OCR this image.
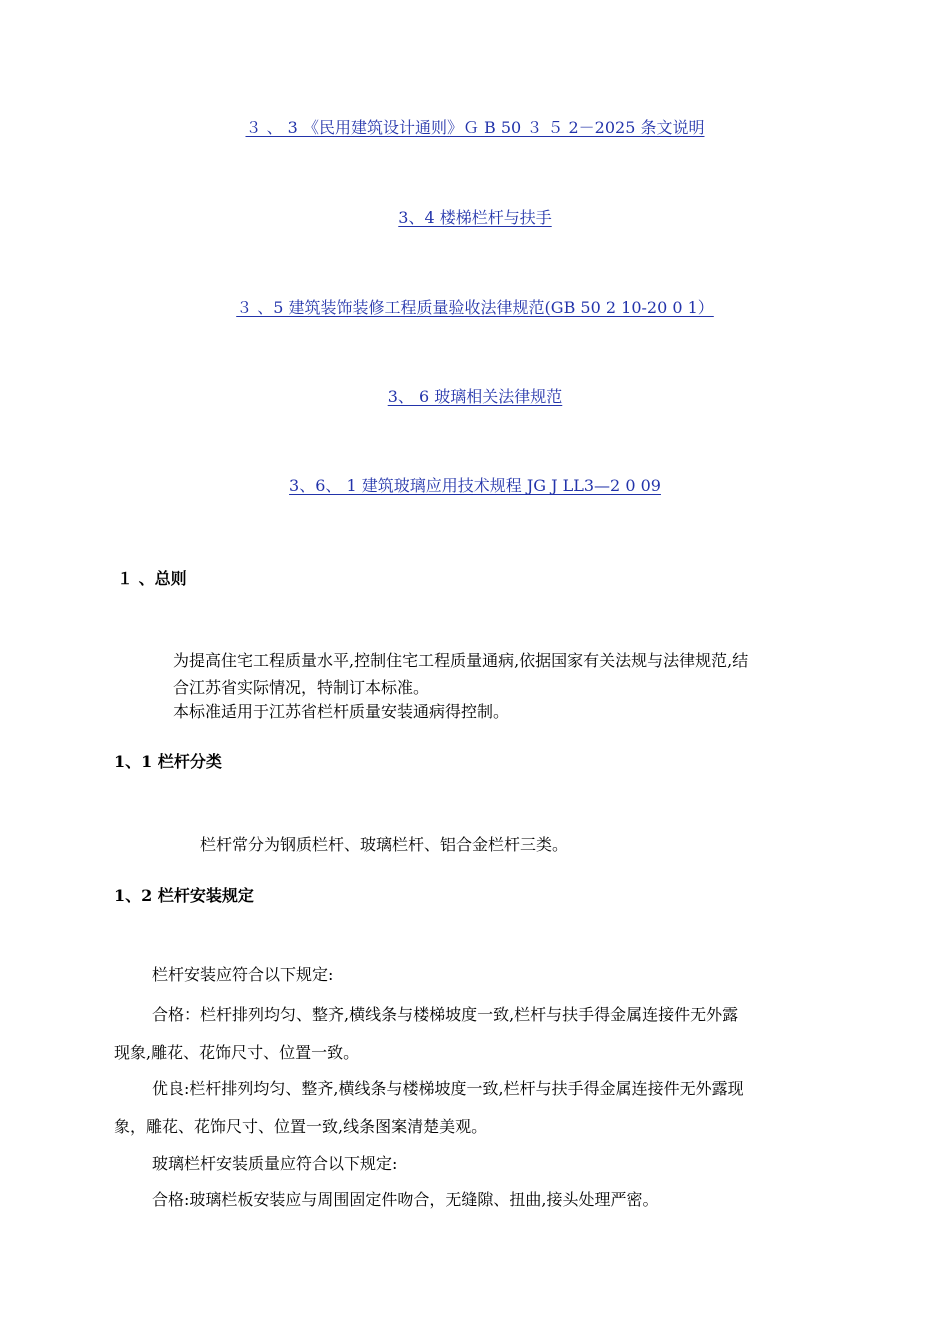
３ 、 3 《民用建筑设计通则》Ｇ B 50 ３ ５ 2－2025 条文说明
3、4 楼梯栏杆与扶手
３ 、5 建筑装饰装修工程质量验收法律规范(GB 50 2 10-20 0 1）
3、 6 玻璃相关法律规范
3、6、 1 建筑玻璃应用技术规程 JG J LL3—2 0 09
１ 、总则
为提高住宅工程质量水平,控制住宅工程质量通病,依据国家有关法规与法律规范,结
合江苏省实际情况，特制订本标准。
本标准适用于江苏省栏杆质量安装通病得控制。
1、1 栏杆分类
栏杆常分为钢质栏杆、玻璃栏杆、铝合金栏杆三类。
1、2 栏杆安装规定
栏杆安装应符合以下规定:
合格：栏杆排列均匀、整齐,横线条与楼梯坡度一致,栏杆与扶手得金属连接件无外露
现象,雕花、花饰尺寸、位置一致。
优良:栏杆排列均匀、整齐,横线条与楼梯坡度一致,栏杆与扶手得金属连接件无外露现
象，雕花、花饰尺寸、位置一致,线条图案清楚美观。
玻璃栏杆安装质量应符合以下规定:
合格:玻璃栏板安装应与周围固定件吻合，无缝隙、扭曲,接头处理严密。
